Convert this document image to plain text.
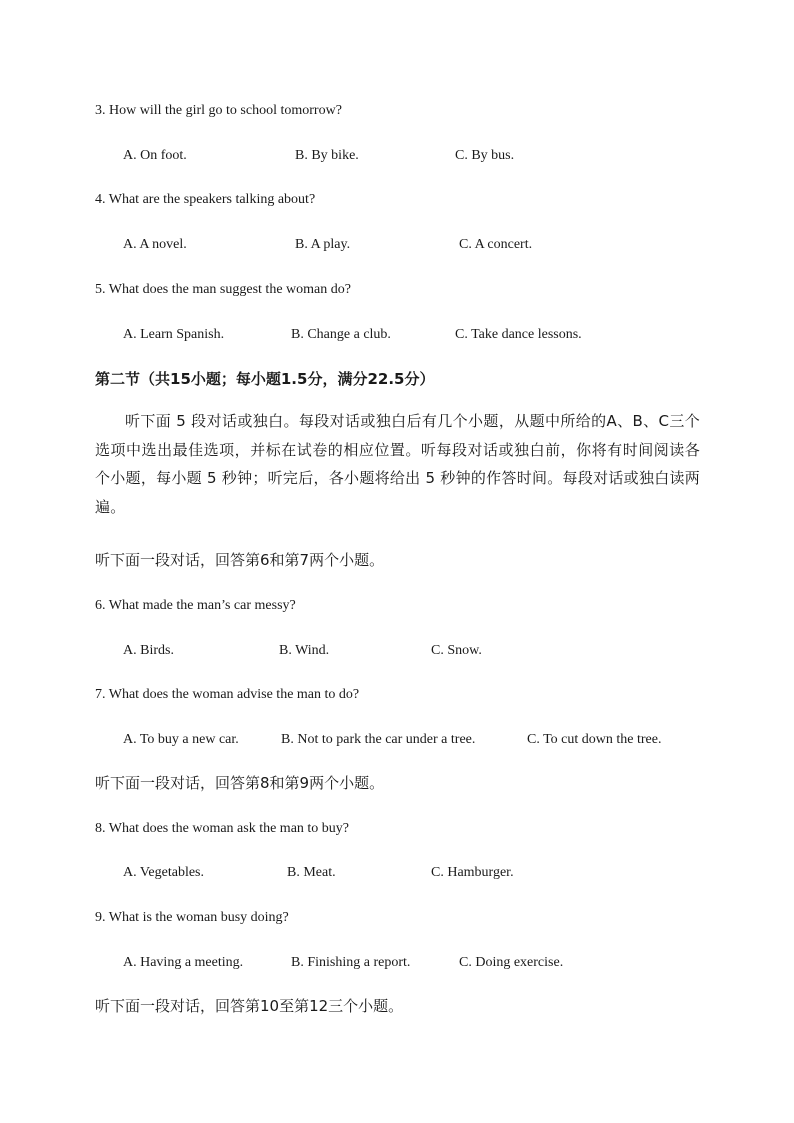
3. How will the girl go to school tomorrow?
A. On foot.	B. By bike.	C. By bus.
4. What are the speakers talking about?
A. A novel.	B. A play.	C. A concert.
5. What does the man suggest the woman do?
A. Learn Spanish.	B. Change a club.	C. Take dance lessons.
第二节（共15小题；每小题1.5分，满分22.5分）
听下面 5 段对话或独白。每段对话或独白后有几个小题，从题中所给的A、B、C三个选项中选出最佳选项，并标在试卷的相应位置。听每段对话或独白前，你将有时间阅读各个小题，每小题 5 秒钟；听完后，各小题将给出 5 秒钟的作答时间。每段对话或独白读两遍。
听下面一段对话，回答第6和第7两个小题。
6. What made the man’s car messy?
A. Birds.	B. Wind.	C. Snow.
7. What does the woman advise the man to do?
A. To buy a new car.	B. Not to park the car under a tree.	C. To cut down the tree.
听下面一段对话，回答第8和第9两个小题。
8. What does the woman ask the man to buy?
A. Vegetables.	B. Meat.	C. Hamburger.
9. What is the woman busy doing?
A. Having a meeting.	B. Finishing a report.	C. Doing exercise.
听下面一段对话，回答第10至第12三个小题。
